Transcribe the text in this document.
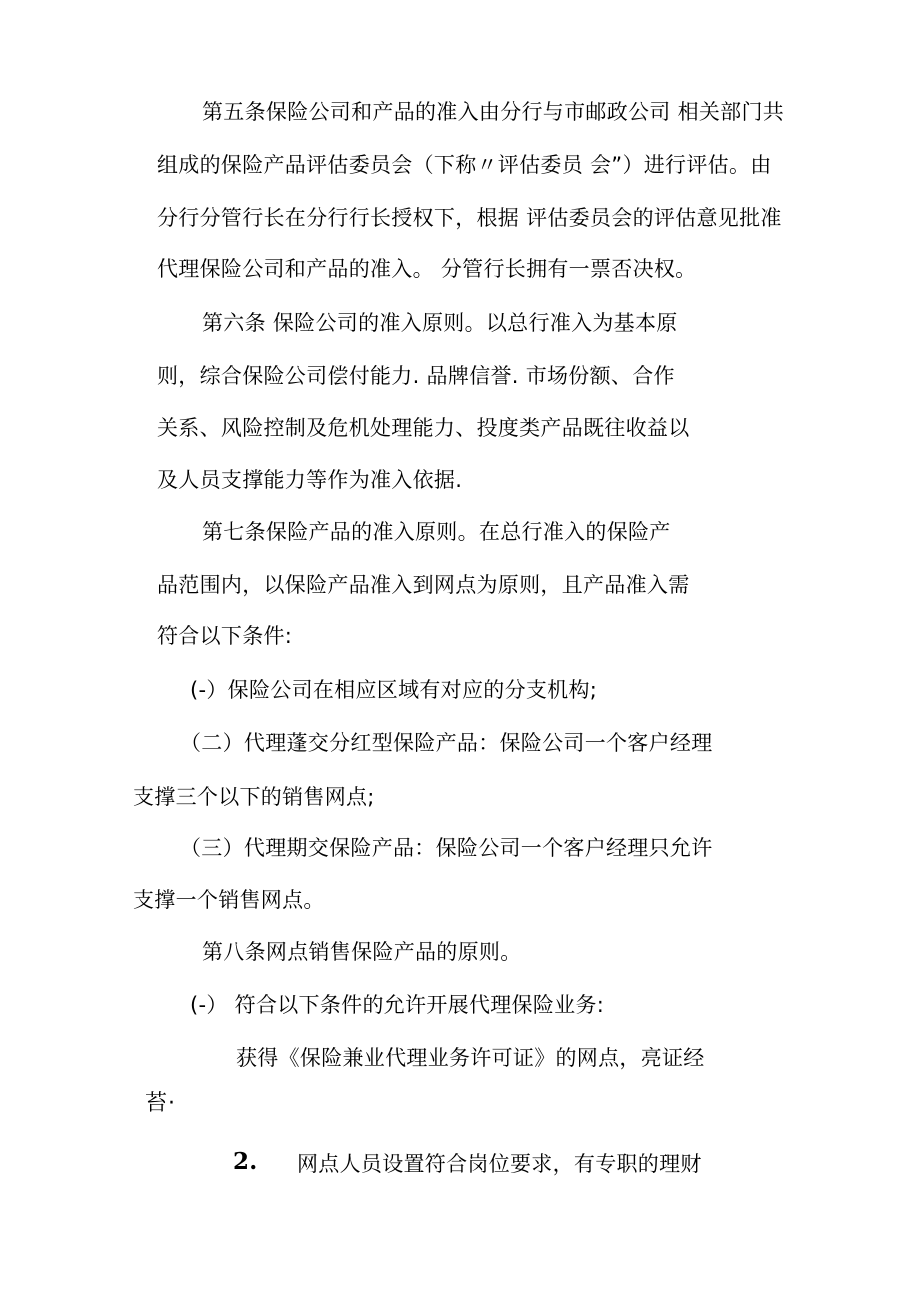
第五条保险公司和产品的准入由分行与市邮政公司 相关部门共
组成的保险产品评估委员会（下称〃评估委员 会”）进行评估。由
分行分管行长在分行行长授权下，根据 评估委员会的评估意见批准
代理保险公司和产品的准入。 分管行长拥有一票否决权。
第六条 保险公司的准入原则。以总行准入为基本原
则，综合保险公司偿付能力. 品牌信誉. 市场份额、合作
关系、风险控制及危机处理能力、投度类产品既往收益以
及人员支撑能力等作为准入依据.
第七条保险产品的准入原则。在总行准入的保险产
品范围内，以保险产品准入到网点为原则，且产品准入需
符合以下条件:
(-）保险公司在相应区域有对应的分支机构;
（二）代理蓬交分红型保险产品：保险公司一个客户经理
支撑三个以下的销售网点;
（三）代理期交保险产品：保险公司一个客户经理只允许
支撑一个销售网点。
第八条网点销售保险产品的原则。
(-） 符合以下条件的允许开展代理保险业务:
获得《保险兼业代理业务许可证》的网点，亮证经
苔·
2. 网点人员设置符合岗位要求，有专职的理财
